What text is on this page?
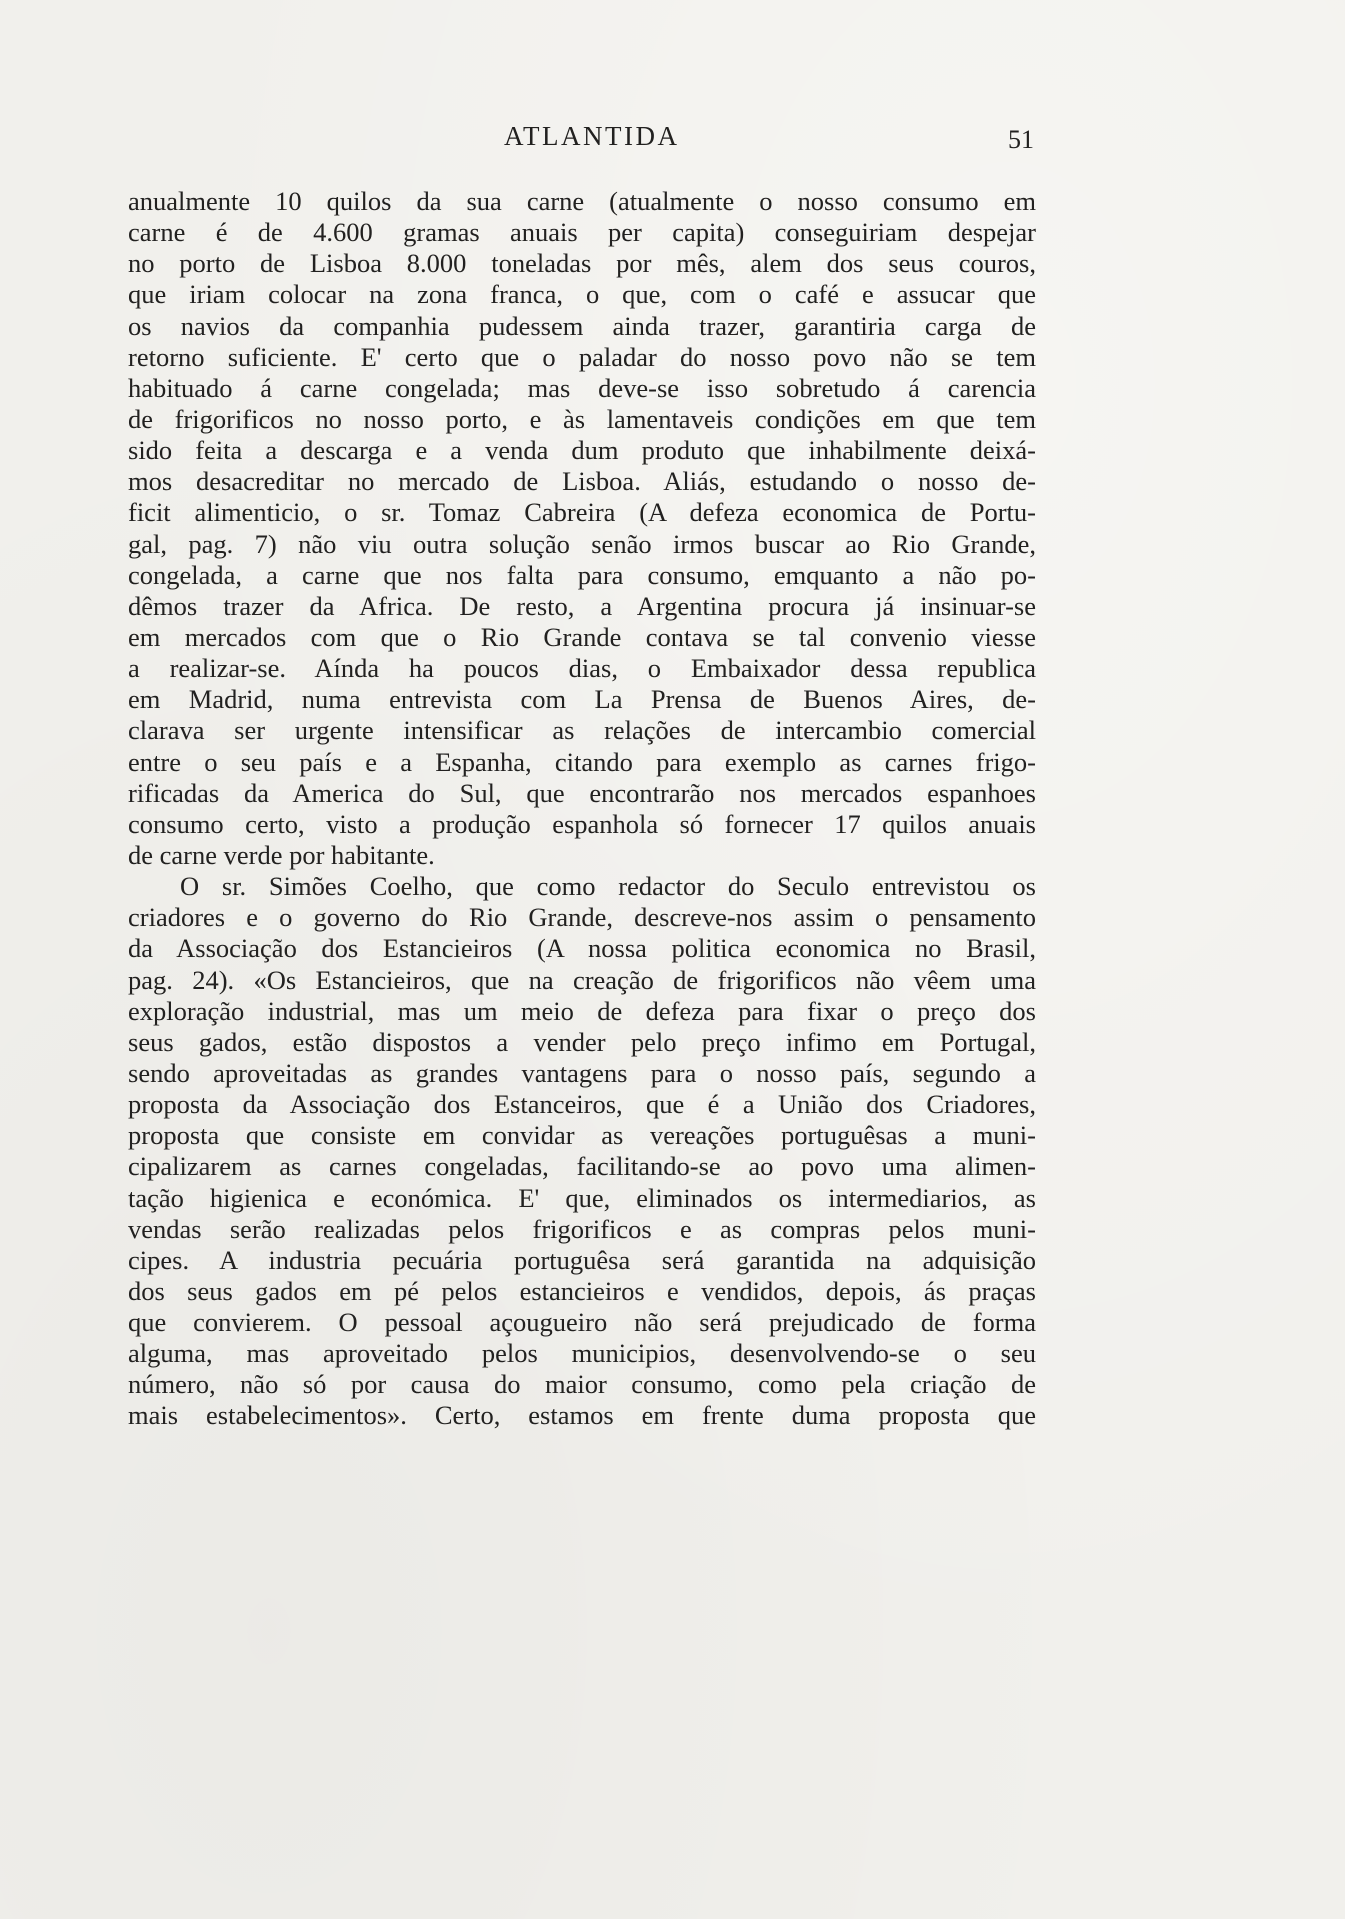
ATLANTIDA	51
anualmente 10 quilos da sua carne (atualmente o nosso consumo em
carne é de 4.600 gramas anuais per capita) conseguiriam despejar
no porto de Lisboa 8.000 toneladas por mês, alem dos seus couros,
que iriam colocar na zona franca, o que, com o café e assucar que
os navios da companhia pudessem ainda trazer, garantiria carga de
retorno suficiente. E' certo que o paladar do nosso povo não se tem
habituado á carne congelada; mas deve-se isso sobretudo á carencia
de frigorificos no nosso porto, e às lamentaveis condições em que tem
sido feita a descarga e a venda dum produto que inhabilmente deixá-
mos desacreditar no mercado de Lisboa. Aliás, estudando o nosso de-
ficit alimenticio, o sr. Tomaz Cabreira (A defeza economica de Portu-
gal, pag. 7) não viu outra solução senão irmos buscar ao Rio Grande,
congelada, a carne que nos falta para consumo, emquanto a não po-
dêmos trazer da Africa. De resto, a Argentina procura já insinuar-se
em mercados com que o Rio Grande contava se tal convenio viesse
a realizar-se. Aínda ha poucos dias, o Embaixador dessa republica
em Madrid, numa entrevista com La Prensa de Buenos Aires, de-
clarava ser urgente intensificar as relações de intercambio comercial
entre o seu país e a Espanha, citando para exemplo as carnes frigo-
rificadas da America do Sul, que encontrarão nos mercados espanhoes
consumo certo, visto a produção espanhola só fornecer 17 quilos anuais
de carne verde por habitante.
O sr. Simões Coelho, que como redactor do Seculo entrevistou os
criadores e o governo do Rio Grande, descreve-nos assim o pensamento
da Associação dos Estancieiros (A nossa politica economica no Brasil,
pag. 24). «Os Estancieiros, que na creação de frigorificos não vêem uma
exploração industrial, mas um meio de defeza para fixar o preço dos
seus gados, estão dispostos a vender pelo preço infimo em Portugal,
sendo aproveitadas as grandes vantagens para o nosso país, segundo a
proposta da Associação dos Estanceiros, que é a União dos Criadores,
proposta que consiste em convidar as vereações portuguêsas a muni-
cipalizarem as carnes congeladas, facilitando-se ao povo uma alimen-
tação higienica e económica. E' que, eliminados os intermediarios, as
vendas serão realizadas pelos frigorificos e as compras pelos muni-
cipes. A industria pecuária portuguêsa será garantida na adquisição
dos seus gados em pé pelos estancieiros e vendidos, depois, ás praças
que convierem. O pessoal açougueiro não será prejudicado de forma
alguma, mas aproveitado pelos municipios, desenvolvendo-se o seu
número, não só por causa do maior consumo, como pela criação de
mais estabelecimentos». Certo, estamos em frente duma proposta que
